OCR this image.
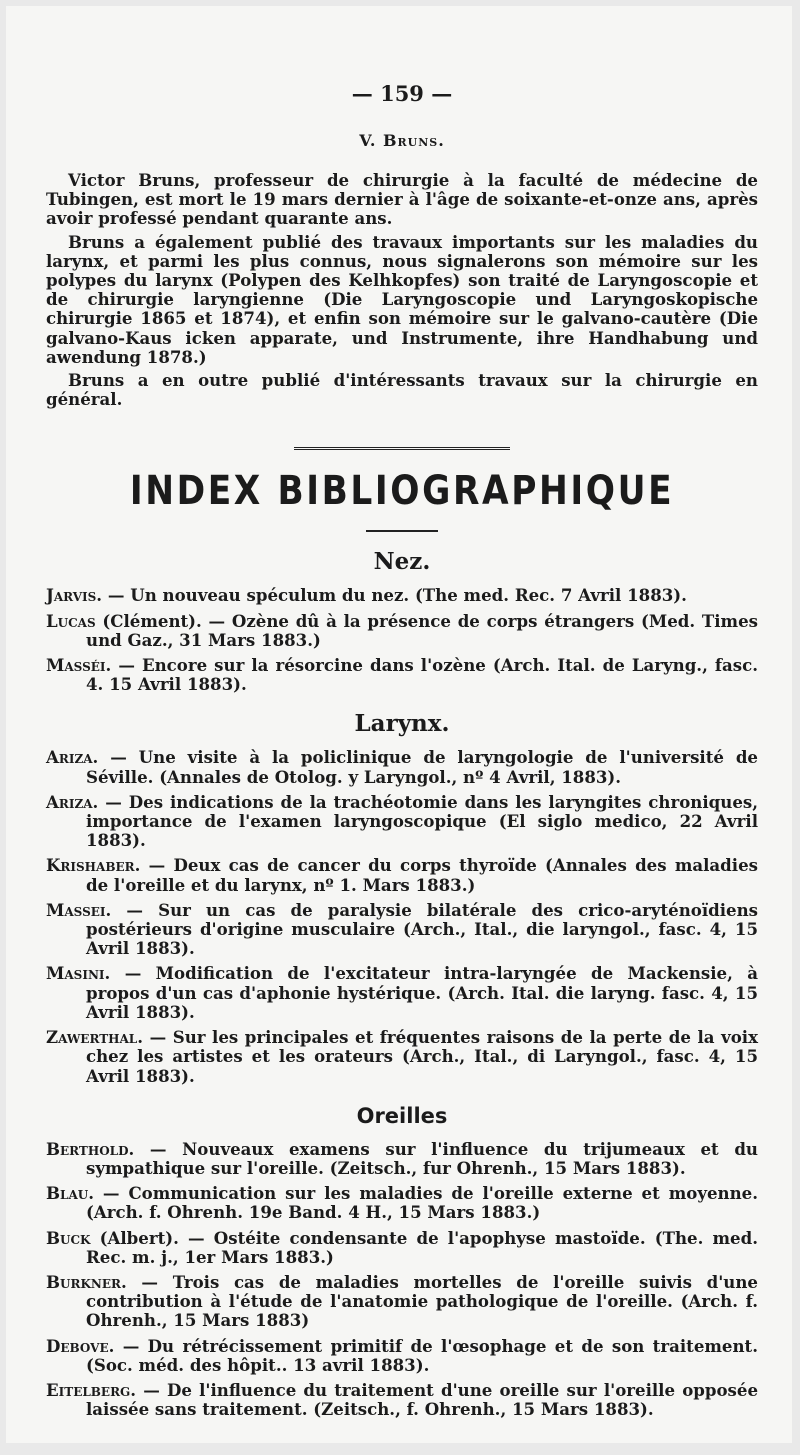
— 159 —
V. Bruns.

Victor Bruns, professeur de chirurgie à la faculté de médecine de Tubingen, est mort le 19 mars dernier à l'âge de soixante-et-onze ans, après avoir professé pendant quarante ans.

Bruns a également publié des travaux importants sur les maladies du larynx, et parmi les plus connus, nous signalerons son mémoire sur les polypes du larynx (Polypen des Kelhkopfes) son traité de Laryngoscopie et de chirurgie laryngienne (Die Laryngoscopie und Laryngoskopische chirurgie 1865 et 1874), et enfin son mémoire sur le galvano-cautère (Die galvano-Kaus icken apparate, und Instrumente, ihre Handhabung und awendung 1878.)

Bruns a en outre publié d'intéressants travaux sur la chirurgie en général.

INDEX BIBLIOGRAPHIQUE
Nez.

Jarvis. — Un nouveau spéculum du nez. (The med. Rec. 7 Avril 1883).

Lucas (Clément). — Ozène dû à la présence de corps étrangers (Med. Times und Gaz., 31 Mars 1883.)

Masséi. — Encore sur la résorcine dans l'ozène (Arch. Ital. de Laryng., fasc. 4. 15 Avril 1883).

Larynx.

Ariza. — Une visite à la policlinique de laryngologie de l'université de Séville. (Annales de Otolog. y Laryngol., nº 4 Avril, 1883).

Ariza. — Des indications de la trachéotomie dans les laryngites chroniques, importance de l'examen laryngoscopique (El siglo medico, 22 Avril 1883).

Krishaber. — Deux cas de cancer du corps thyroïde (Annales des maladies de l'oreille et du larynx, nº 1. Mars 1883.)

Massei. — Sur un cas de paralysie bilatérale des crico-aryténoïdiens postérieurs d'origine musculaire (Arch., Ital., die laryngol., fasc. 4, 15 Avril 1883).

Masini. — Modification de l'excitateur intra-laryngée de Mackensie, à propos d'un cas d'aphonie hystérique. (Arch. Ital. die laryng. fasc. 4, 15 Avril 1883).

Zawerthal. — Sur les principales et fréquentes raisons de la perte de la voix chez les artistes et les orateurs (Arch., Ital., di Laryngol., fasc. 4, 15 Avril 1883).

Oreilles

Berthold. — Nouveaux examens sur l'influence du trijumeaux et du sympathique sur l'oreille. (Zeitsch., fur Ohrenh., 15 Mars 1883).

Blau. — Communication sur les maladies de l'oreille externe et moyenne. (Arch. f. Ohrenh. 19e Band. 4 H., 15 Mars 1883.)

Buck (Albert). — Ostéite condensante de l'apophyse mastoïde. (The. med. Rec. m. j., 1er Mars 1883.)

Burkner. — Trois cas de maladies mortelles de l'oreille suivis d'une contribution à l'étude de l'anatomie pathologique de l'oreille. (Arch. f. Ohrenh., 15 Mars 1883)

Debove. — Du rétrécissement primitif de l'œsophage et de son traitement. (Soc. méd. des hôpit.. 13 avril 1883).

Eitelberg. — De l'influence du traitement d'une oreille sur l'oreille opposée laissée sans traitement. (Zeitsch., f. Ohrenh., 15 Mars 1883).
